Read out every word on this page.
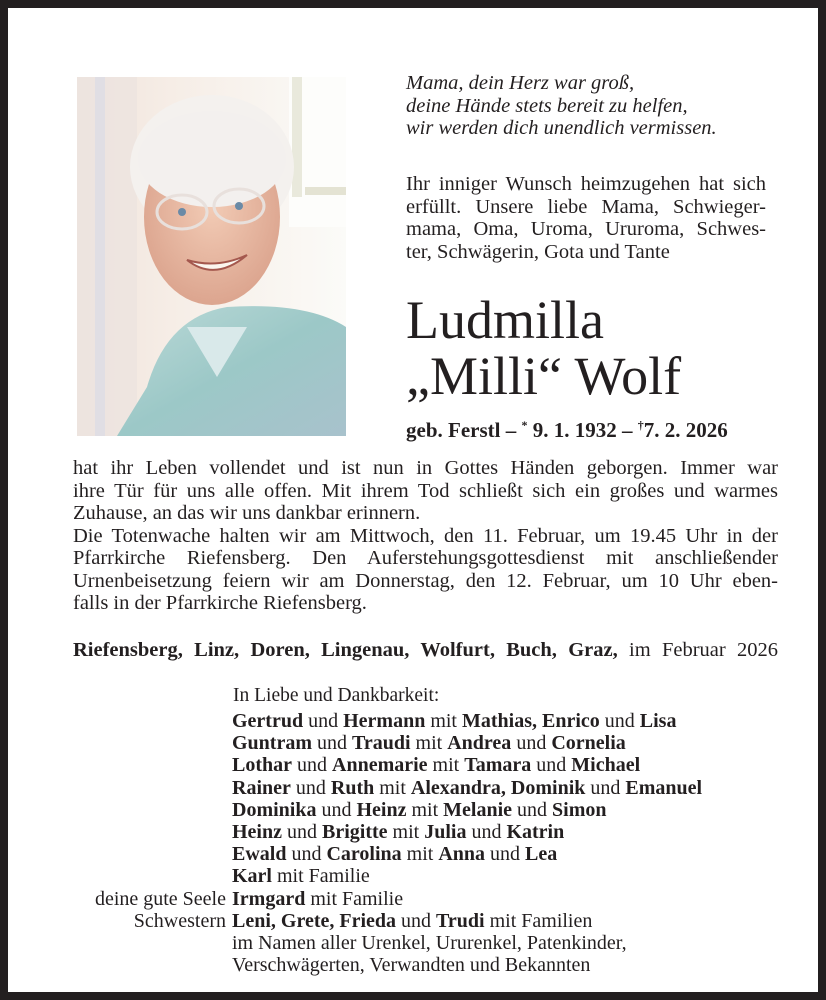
Mama, dein Herz war groß,
deine Hände stets bereit zu helfen,
wir werden dich unendlich vermissen.
Ihr inniger Wunsch heimzugehen hat sich
erfüllt. Unsere liebe Mama, Schwieger-
mama, Oma, Uroma, Ururoma, Schwes-
ter, Schwägerin, Gota und Tante
Ludmilla
„Milli“ Wolf
geb. Ferstl – * 9. 1. 1932 – †7. 2. 2026
hat ihr Leben vollendet und ist nun in Gottes Händen geborgen. Immer war
ihre Tür für uns alle offen. Mit ihrem Tod schließt sich ein großes und warmes
Zuhause, an das wir uns dankbar erinnern.
Die Totenwache halten wir am Mittwoch, den 11. Februar, um 19.45 Uhr in der
Pfarrkirche Riefensberg. Den Auferstehungsgottesdienst mit anschließender
Urnenbeisetzung feiern wir am Donnerstag, den 12. Februar, um 10 Uhr eben-
falls in der Pfarrkirche Riefensberg.
Riefensberg, Linz, Doren, Lingenau, Wolfurt, Buch, Graz, im Februar 2026
In Liebe und Dankbarkeit:
Gertrud und Hermann mit Mathias, Enrico und Lisa
Guntram und Traudi mit Andrea und Cornelia
Lothar und Annemarie mit Tamara und Michael
Rainer und Ruth mit Alexandra, Dominik und Emanuel
Dominika und Heinz mit Melanie und Simon
Heinz und Brigitte mit Julia und Katrin
Ewald und Carolina mit Anna und Lea
Karl mit Familie
deine gute Seele Irmgard mit Familie
Schwestern Leni, Grete, Frieda und Trudi mit Familien
im Namen aller Urenkel, Ururenkel, Patenkinder,
Verschwägerten, Verwandten und Bekannten
